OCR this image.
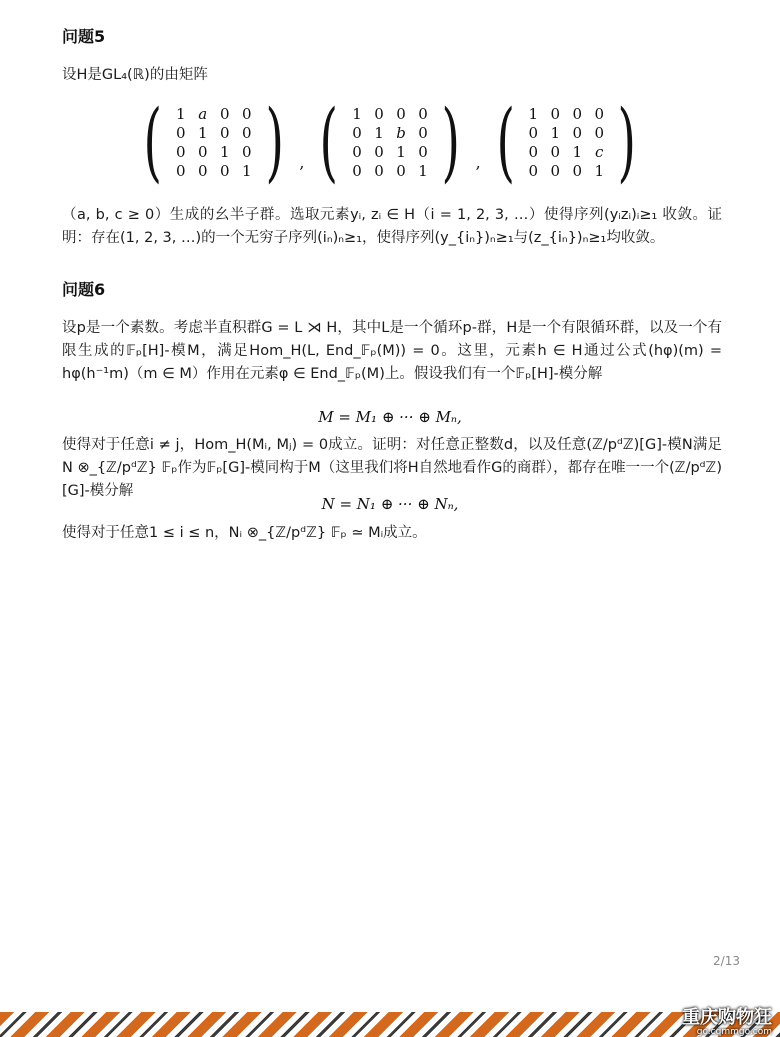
问题5
设H是GL₄(ℝ)的由矩阵
( 1 a 0 0
0 1 0 0
0 0 1 0
0 0 0 1 ) , ( 1 0 0 0
0 1 b 0
0 0 1 0
0 0 0 1 ) , ( 1 0 0 0
0 1 0 0
0 0 1 c
0 0 0 1 )
（a, b, c ≥ 0）生成的幺半子群。选取元素yᵢ, zᵢ ∈ H（i = 1, 2, 3, …）使得序列(yᵢzᵢ)ᵢ≥₁ 收敛。证明：存在(1, 2, 3, …)的一个无穷子序列(iₙ)ₙ≥₁，使得序列(y_{iₙ})ₙ≥₁与(z_{iₙ})ₙ≥₁均收敛。
问题6
设p是一个素数。考虑半直积群G = L ⋊ H，其中L是一个循环p-群，H是一个有限循环群，以及一个有限生成的𝔽ₚ[H]-模M，满足Hom_H(L, End_𝔽ₚ(M)) = 0。这里，元素h ∈ H通过公式(hφ)(m) = hφ(h⁻¹m)（m ∈ M）作用在元素φ ∈ End_𝔽ₚ(M)上。假设我们有一个𝔽ₚ[H]-模分解
M = M₁ ⊕ ··· ⊕ Mₙ,
使得对于任意i ≠ j，Hom_H(Mᵢ, Mⱼ) = 0成立。证明：对任意正整数d，以及任意(ℤ/pᵈℤ)[G]-模N满足N ⊗_{ℤ/pᵈℤ} 𝔽ₚ作为𝔽ₚ[G]-模同构于M（这里我们将H自然地看作G的商群），都存在唯一一个(ℤ/pᵈℤ)[G]-模分解
N = N₁ ⊕ ··· ⊕ Nₙ,
使得对于任意1 ≤ i ≤ n，Nᵢ ⊗_{ℤ/pᵈℤ} 𝔽ₚ ≃ Mᵢ成立。
2/13
重庆购物狂
go.cqmmgo.com
